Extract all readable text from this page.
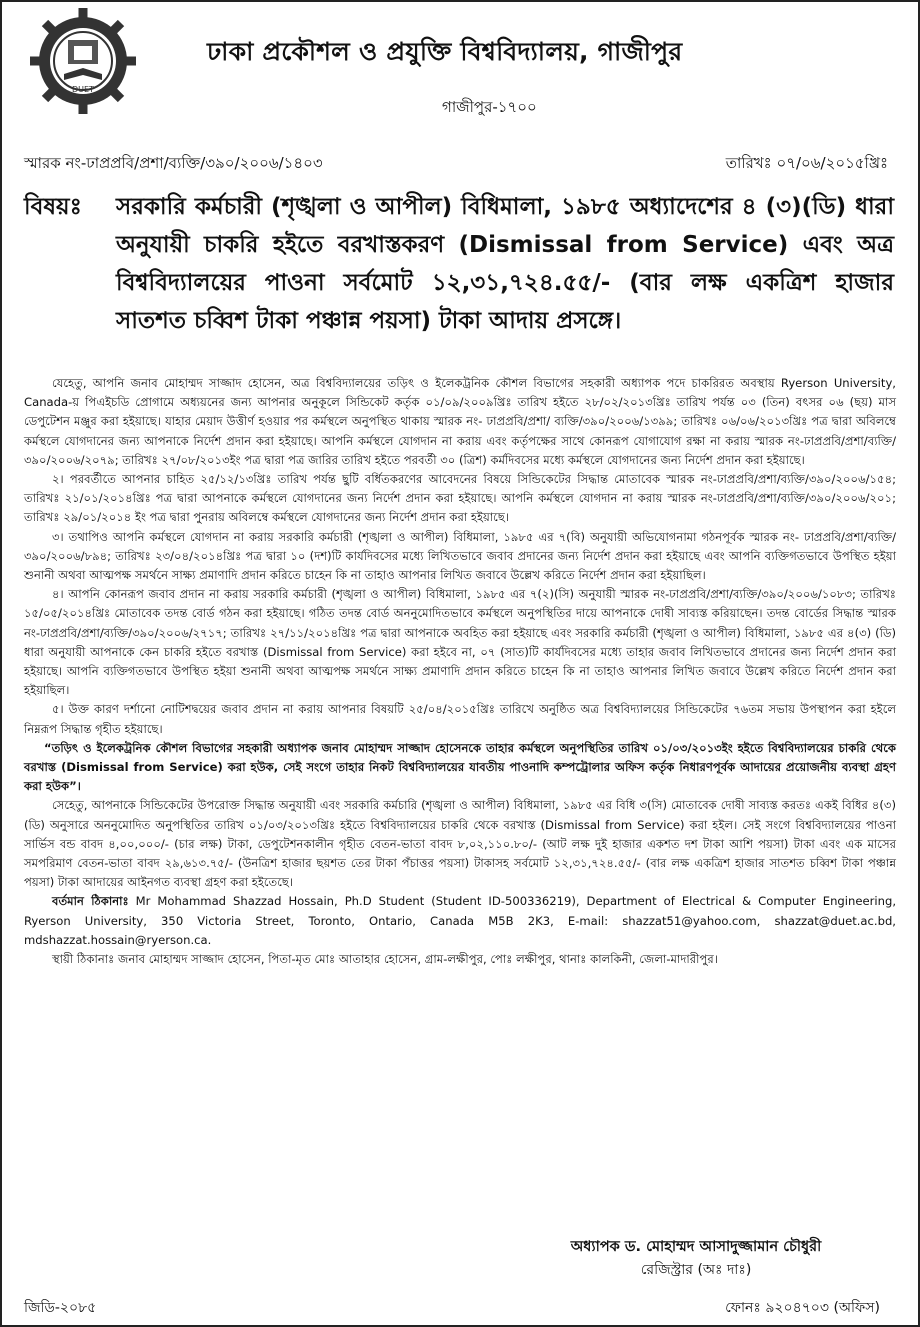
DUET
ঢাকা প্রকৌশল ও প্রযুক্তি বিশ্ববিদ্যালয়, গাজীপুর
গাজীপুর-১৭০০
স্মারক নং-ঢাপ্রপ্রবি/প্রশা/ব্যক্তি/৩৯০/২০০৬/১৪০৩	তারিখঃ ০৭/০৬/২০১৫খ্রিঃ
বিষয়ঃ	সরকারি কর্মচারী (শৃঙ্খলা ও আপীল) বিধিমালা, ১৯৮৫ অধ্যাদেশের ৪ (৩)(ডি) ধারা অনুযায়ী চাকরি হইতে বরখাস্তকরণ (Dismissal from Service) এবং অত্র বিশ্ববিদ্যালয়ের পাওনা সর্বমোট ১২,৩১,৭২৪.৫৫/- (বার লক্ষ একত্রিশ হাজার সাতশত চব্বিশ টাকা পঞ্চান্ন পয়সা) টাকা আদায় প্রসঙ্গে।

যেহেতু, আপনি জনাব মোহাম্মদ সাজ্জাদ হোসেন, অত্র বিশ্ববিদ্যালয়ের তড়িৎ ও ইলেকট্রনিক কৌশল বিভাগের সহকারী অধ্যাপক পদে চাকরিরত অবস্থায় Ryerson University, Canada-য় পিএইচডি প্রোগামে অধ্যয়নের জন্য আপনার অনুকূলে সিন্ডিকেট কর্তৃক ০১/০৯/২০০৯খ্রিঃ তারিখ হইতে ২৮/০২/২০১৩খ্রিঃ তারিখ পর্যন্ত ০৩ (তিন) বৎসর ০৬ (ছয়) মাস ডেপুটেশন মঞ্জুর করা হইয়াছে। যাহার মেয়াদ উত্তীর্ণ হওয়ার পর কর্মস্থলে অনুপস্থিত থাকায় স্মারক নং- ঢাপ্রপ্রবি/প্রশা/ ব্যক্তি/৩৯০/২০০৬/১৩৯৯; তারিখঃ ০৬/০৬/২০১৩খ্রিঃ পত্র দ্বারা অবিলম্বে কর্মস্থলে যোগদানের জন্য আপনাকে নির্দেশ প্রদান করা হইয়াছে। আপনি কর্মস্থলে যোগদান না করায় এবং কর্তৃপক্ষের সাথে কোনরূপ যোগাযোগ রক্ষা না করায় স্মারক নং-ঢাপ্রপ্রবি/প্রশা/ব্যক্তি/৩৯০/২০০৬/২০৭৯; তারিখঃ ২৭/০৮/২০১৩ইং পত্র দ্বারা পত্র জারির তারিখ হইতে পরবর্তী ৩০ (ত্রিশ) কর্মদিবসের মধ্যে কর্মস্থলে যোগদানের জন্য নির্দেশ প্রদান করা হইয়াছে।

২। পরবর্তীতে আপনার চাহিত ২৫/১২/১৩খ্রিঃ তারিখ পর্যন্ত ছুটি বর্ধিতকরণের আবেদনের বিষয়ে সিন্ডিকেটের সিদ্ধান্ত মোতাবেক স্মারক নং-ঢাপ্রপ্রবি/প্রশা/ব্যক্তি/৩৯০/২০০৬/১৫৪; তারিখঃ ২১/০১/২০১৪খ্রিঃ পত্র দ্বারা আপনাকে কর্মস্থলে যোগদানের জন্য নির্দেশ প্রদান করা হইয়াছে। আপনি কর্মস্থলে যোগদান না করায় স্মারক নং-ঢাপ্রপ্রবি/প্রশা/ব্যক্তি/৩৯০/২০০৬/২০১; তারিখঃ ২৯/০১/২০১৪ ইং পত্র দ্বারা পুনরায় অবিলম্বে কর্মস্থলে যোগদানের জন্য নির্দেশ প্রদান করা হইয়াছে।

৩। তথাপিও আপনি কর্মস্থলে যোগদান না করায় সরকারি কর্মচারী (শৃঙ্খলা ও আপীল) বিধিমালা, ১৯৮৫ এর ৭(বি) অনুযায়ী অভিযোগনামা গঠনপূর্বক স্মারক নং- ঢাপ্রপ্রবি/প্রশা/ব্যক্তি/ ৩৯০/২০০৬/৮৯৪; তারিখঃ ২৩/০৪/২০১৪খ্রিঃ পত্র দ্বারা ১০ (দশ)টি কার্যদিবসের মধ্যে লিখিতভাবে জবাব প্রদানের জন্য নির্দেশ প্রদান করা হইয়াছে এবং আপনি ব্যক্তিগতভাবে উপস্থিত হইয়া শুনানী অথবা আত্মপক্ষ সমর্থনে সাক্ষ্য প্রমাণাদি প্রদান করিতে চাহেন কি না তাহাও আপনার লিখিত জবাবে উল্লেখ করিতে নির্দেশ প্রদান করা হইয়াছিল।

৪। আপনি কোনরূপ জবাব প্রদান না করায় সরকারি কর্মচারী (শৃঙ্খলা ও আপীল) বিধিমালা, ১৯৮৫ এর ৭(২)(সি) অনুযায়ী স্মারক নং-ঢাপ্রপ্রবি/প্রশা/ব্যক্তি/৩৯০/২০০৬/১০৮৩; তারিখঃ ১৫/০৫/২০১৪খ্রিঃ মোতাবেক তদন্ত বোর্ড গঠন করা হইয়াছে। গঠিত তদন্ত বোর্ড অননুমোদিতভাবে কর্মস্থলে অনুপস্থিতির দায়ে আপনাকে দোষী সাব্যস্ত করিয়াছেন। তদন্ত বোর্ডের সিদ্ধান্ত স্মারক নং-ঢাপ্রপ্রবি/প্রশা/ব্যক্তি/৩৯০/২০০৬/২৭১৭; তারিখঃ ২৭/১১/২০১৪খ্রিঃ পত্র দ্বারা আপনাকে অবহিত করা হইয়াছে এবং সরকারি কর্মচারী (শৃঙ্খলা ও আপীল) বিধিমালা, ১৯৮৫ এর ৪(৩) (ডি) ধারা অনুযায়ী আপনাকে কেন চাকরি হইতে বরখাস্ত (Dismissal from Service) করা হইবে না, ০৭ (সাত)টি কার্যদিবসের মধ্যে তাহার জবাব লিখিতভাবে প্রদানের জন্য নির্দেশ প্রদান করা হইয়াছে। আপনি ব্যক্তিগতভাবে উপস্থিত হইয়া শুনানী অথবা আত্মপক্ষ সমর্থনে সাক্ষ্য প্রমাণাদি প্রদান করিতে চাহেন কি না তাহাও আপনার লিখিত জবাবে উল্লেখ করিতে নির্দেশ প্রদান করা হইয়াছিল।

৫। উক্ত কারণ দর্শানো নোটিশদ্বয়ের জবাব প্রদান না করায় আপনার বিষয়টি ২৫/০৪/২০১৫খ্রিঃ তারিখে অনুষ্ঠিত অত্র বিশ্ববিদ্যালয়ের সিন্ডিকেটের ৭৬তম সভায় উপস্থাপন করা হইলে নিম্নরূপ সিদ্ধান্ত গৃহীত হইয়াছে।

“তড়িৎ ও ইলেকট্রনিক কৌশল বিভাগের সহকারী অধ্যাপক জনাব মোহাম্মদ সাজ্জাদ হোসেনকে তাহার কর্মস্থলে অনুপস্থিতির তারিখ ০১/০৩/২০১৩ইং হইতে বিশ্ববিদ্যালয়ের চাকরি থেকে বরখাস্ত (Dismissal from Service) করা হউক, সেই সংগে তাহার নিকট বিশ্ববিদ্যালয়ের যাবতীয় পাওনাদি কম্পট্রোলার অফিস কর্তৃক নিধারণপূর্বক আদায়ের প্রয়োজনীয় ব্যবস্থা গ্রহণ করা হউক”।

সেহেতু, আপনাকে সিন্ডিকেটের উপরোক্ত সিদ্ধান্ত অনুযায়ী এবং সরকারি কর্মচারি (শৃঙ্খলা ও আপীল) বিধিমালা, ১৯৮৫ এর বিধি ৩(সি) মোতাবেক দোষী সাব্যস্ত করতঃ একই বিধির ৪(৩)(ডি) অনুসারে অননুমোদিত অনুপস্থিতির তারিখ ০১/০৩/২০১৩খ্রিঃ হইতে বিশ্ববিদ্যালয়ের চাকরি থেকে বরখাস্ত (Dismissal from Service) করা হইল। সেই সংগে বিশ্ববিদ্যালয়ের পাওনা সার্ভিস বন্ড বাবদ ৪,০০,০০০/- (চার লক্ষ) টাকা, ডেপুটেশনকালীন গৃহীত বেতন-ভাতা বাবদ ৮,০২,১১০.৮০/- (আট লক্ষ দুই হাজার একশত দশ টাকা আশি পয়সা) টাকা এবং এক মাসের সমপরিমাণ বেতন-ভাতা বাবদ ২৯,৬১৩.৭৫/- (উনত্রিশ হাজার ছয়শত তের টাকা পঁচাত্তর পয়সা) টাকাসহ সর্বমোট ১২,৩১,৭২৪.৫৫/- (বার লক্ষ একত্রিশ হাজার সাতশত চব্বিশ টাকা পঞ্চান্ন পয়সা) টাকা আদায়ের আইনগত ব্যবস্থা গ্রহণ করা হইতেছে।

বর্তমান ঠিকানাঃ Mr Mohammad Shazzad Hossain, Ph.D Student (Student ID-500336219), Department of Electrical & Computer Engineering, Ryerson University, 350 Victoria Street, Toronto, Ontario, Canada M5B 2K3, E-mail: shazzat51@yahoo.com, shazzat@duet.ac.bd, mdshazzat.hossain@ryerson.ca.

স্থায়ী ঠিকানাঃ জনাব মোহাম্মদ সাজ্জাদ হোসেন, পিতা-মৃত মোঃ আতাহার হোসেন, গ্রাম-লক্ষীপুর, পোঃ লক্ষীপুর, থানাঃ কালকিনী, জেলা-মাদারীপুর।

অধ্যাপক ড. মোহাম্মদ আসাদুজ্জামান চৌধুরী
রেজিস্ট্রার (অঃ দাঃ)
জিডি-২০৮৫	ফোনঃ ৯২০৪৭০৩ (অফিস)
